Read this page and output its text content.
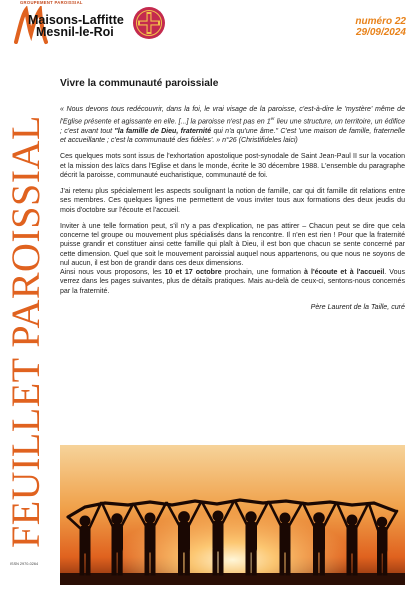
GROUPEMENT PAROISSIAL
Maisons-Laffitte
Mesnil-le-Roi
numéro 22
29/09/2024
FEUILLET PAROISSIAL
ISSN 2970-0264
Vivre la communauté paroissiale

« Nous devons tous redécouvrir, dans la foi, le vrai visage de la paroisse, c'est-à-dire le 'mystère' même de l'Eglise présente et agissante en elle. [...] la paroisse n'est pas en 1er lieu une structure, un territoire, un édifice ; c'est avant tout "la famille de Dieu, fraternité qui n'a qu'une âme." C'est 'une maison de famille, fraternelle et accueillante ; c'est la communauté des fidèles'. » n°26 (Christifideles laici)

Ces quelques mots sont issus de l'exhortation apostolique post-synodale de Saint Jean-Paul II sur la vocation et la mission des laïcs dans l'Eglise et dans le monde, écrite le 30 décembre 1988. L'ensemble du paragraphe décrit la paroisse, communauté eucharistique, communauté de foi.

J'ai retenu plus spécialement les aspects soulignant la notion de famille, car qui dit famille dit relations entre ses membres. Ces quelques lignes me permettent de vous inviter tous aux formations des deux jeudis du mois d'octobre sur l'écoute et l'accueil.

Inviter à une telle formation peut, s'il n'y a pas d'explication, ne pas attirer – Chacun peut se dire que cela concerne tel groupe ou mouvement plus spécialisés dans la rencontre. Il n'en est rien ! Pour que la fraternité puisse grandir et constituer ainsi cette famille qui plaît à Dieu, il est bon que chacun se sente concerné par cette dimension. Quel que soit le mouvement paroissial auquel nous appartenons, ou que nous ne soyons de nul aucun, il est bon de grandir dans ces deux dimensions.

Ainsi nous vous proposons, les 10 et 17 octobre prochain, une formation à l'écoute et à l'accueil. Vous verrez dans les pages suivantes, plus de détails pratiques. Mais au-delà de ceux-ci, sentons-nous concernés par la fraternité.

Père Laurent de la Taille, curé
